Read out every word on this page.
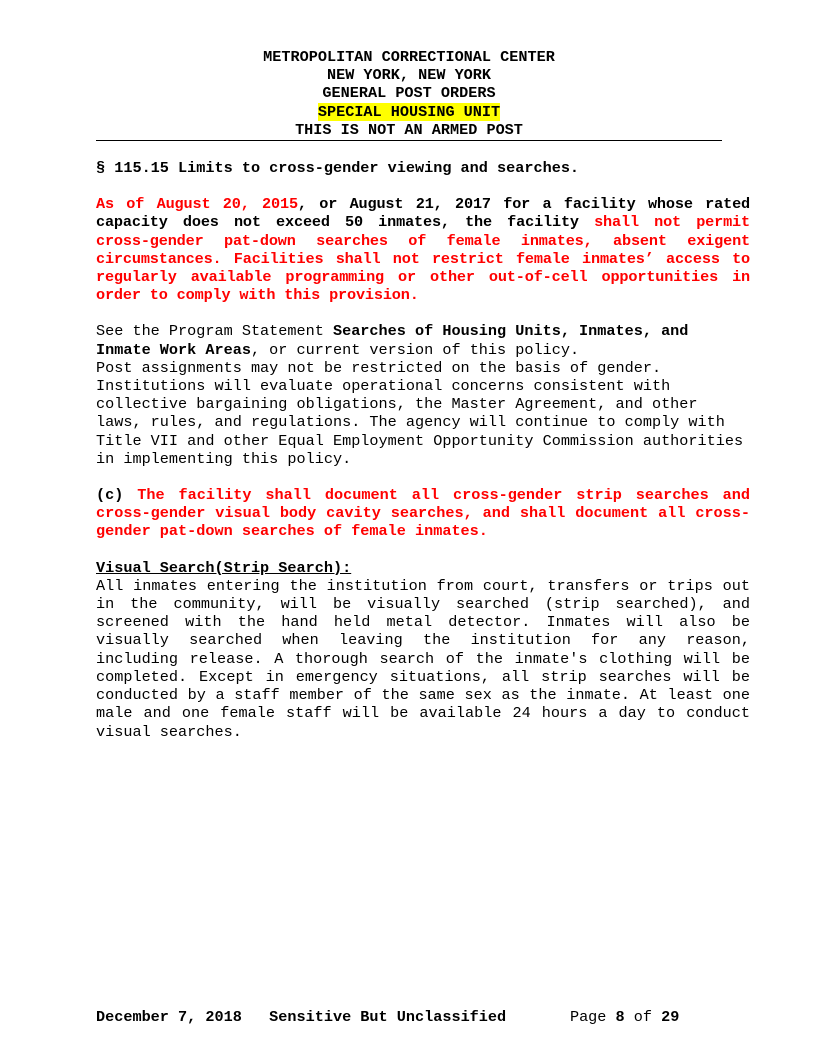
METROPOLITAN CORRECTIONAL CENTER
NEW YORK, NEW YORK
GENERAL POST ORDERS
SPECIAL HOUSING UNIT
THIS IS NOT AN ARMED POST
§ 115.15 Limits to cross-gender viewing and searches.

As of August 20, 2015, or August 21, 2017 for a facility whose rated capacity does not exceed 50 inmates, the facility shall not permit cross-gender pat-down searches of female inmates, absent exigent circumstances. Facilities shall not restrict female inmates’ access to regularly available programming or other out-of-cell opportunities in order to comply with this provision.

See the Program Statement Searches of Housing Units, Inmates, and Inmate Work Areas, or current version of this policy.
Post assignments may not be restricted on the basis of gender. Institutions will evaluate operational concerns consistent with collective bargaining obligations, the Master Agreement, and other laws, rules, and regulations. The agency will continue to comply with Title VII and other Equal Employment Opportunity Commission authorities in implementing this policy.

(c) The facility shall document all cross-gender strip searches and cross-gender visual body cavity searches, and shall document all cross-gender pat-down searches of female inmates.

Visual Search(Strip Search):

All inmates entering the institution from court, transfers or trips out in the community, will be visually searched (strip searched), and screened with the hand held metal detector. Inmates will also be visually searched when leaving the institution for any reason, including release. A thorough search of the inmate's clothing will be completed. Except in emergency situations, all strip searches will be conducted by a staff member of the same sex as the inmate. At least one male and one female staff will be available 24 hours a day to conduct visual searches.

December 7, 2018 Sensitive But Unclassified	Page 8 of 29
